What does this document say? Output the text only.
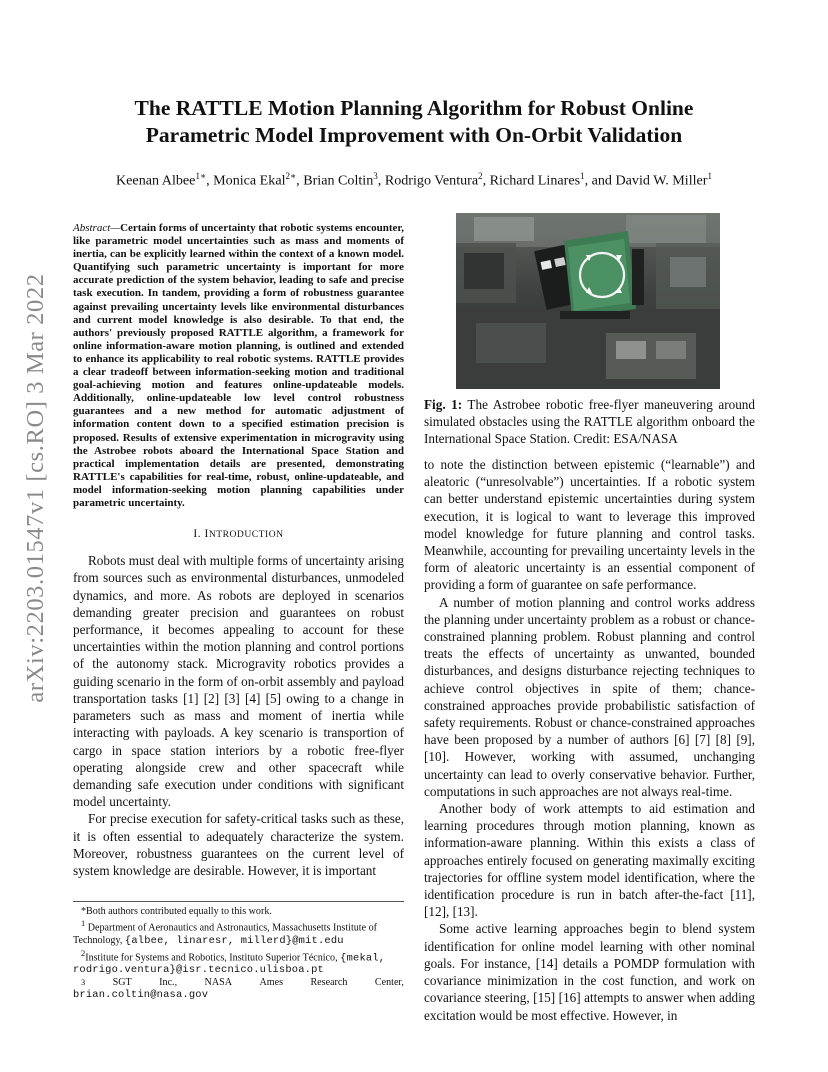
arXiv:2203.01547v1 [cs.RO] 3 Mar 2022
The RATTLE Motion Planning Algorithm for Robust Online
Parametric Model Improvement with On-Orbit Validation
Keenan Albee$^{1∗}$, Monica Ekal$^{2∗}$, Brian Coltin$^3$, Rodrigo Ventura$^2$, Richard Linares$^1$, and David W. Miller$^1$

Abstract—Certain forms of uncertainty that robotic systems encounter, like parametric model uncertainties such as mass and moments of inertia, can be explicitly learned within the context of a known model. Quantifying such parametric uncertainty is important for more accurate prediction of the system behavior, leading to safe and precise task execution. In tandem, providing a form of robustness guarantee against prevailing uncertainty levels like environmental disturbances and current model knowledge is also desirable. To that end, the authors' previously proposed RATTLE algorithm, a framework for online information-aware motion planning, is outlined and extended to enhance its applicability to real robotic systems. RATTLE provides a clear tradeoff between information-seeking motion and traditional goal-achieving motion and features online-updateable models. Additionally, online-updateable low level control robustness guarantees and a new method for automatic adjustment of information content down to a specified estimation precision is proposed. Results of extensive experimentation in microgravity using the Astrobee robots aboard the International Space Station and practical implementation details are presented, demonstrating RATTLE's capabilities for real-time, robust, online-updateable, and model information-seeking motion planning capabilities under parametric uncertainty.

I. INTRODUCTION

Robots must deal with multiple forms of uncertainty arising from sources such as environmental disturbances, unmodeled dynamics, and more. As robots are deployed in scenarios demanding greater precision and guarantees on robust performance, it becomes appealing to account for these uncertainties within the motion planning and control portions of the autonomy stack. Microgravity robotics provides a guiding scenario in the form of on-orbit assembly and payload transportation tasks [1] [2] [3] [4] [5] owing to a change in parameters such as mass and moment of inertia while interacting with payloads. A key scenario is transportion of cargo in space station interiors by a robotic free-flyer operating alongside crew and other spacecraft while demanding safe execution under conditions with significant model uncertainty.

For precise execution for safety-critical tasks such as these, it is often essential to adequately characterize the system. Moreover, robustness guarantees on the current level of system knowledge are desirable. However, it is important

*Both authors contributed equally to this work.
$^1$ Department of Aeronautics and Astronautics, Massachusetts Institute of Technology, {albee, linaresr, millerd}@mit.edu
$^2$Institute for Systems and Robotics, Instituto Superior Técnico, {mekal, rodrigo.ventura}@isr.tecnico.ulisboa.pt
3	SGT	Inc.,	NASA	Ames	Research	Center,
brian.coltin@nasa.gov
Fig. 1: The Astrobee robotic free-flyer maneuvering around simulated obstacles using the RATTLE algorithm onboard the International Space Station. Credit: ESA/NASA

to note the distinction between epistemic (“learnable”) and aleatoric (“unresolvable”) uncertainties. If a robotic system can better understand epistemic uncertainties during system execution, it is logical to want to leverage this improved model knowledge for future planning and control tasks. Meanwhile, accounting for prevailing uncertainty levels in the form of aleatoric uncertainty is an essential component of providing a form of guarantee on safe performance.

A number of motion planning and control works address the planning under uncertainty problem as a robust or chance-constrained planning problem. Robust planning and control treats the effects of uncertainty as unwanted, bounded disturbances, and designs disturbance rejecting techniques to achieve control objectives in spite of them; chance-constrained approaches provide probabilistic satisfaction of safety requirements. Robust or chance-constrained approaches have been proposed by a number of authors [6] [7] [8] [9], [10]. However, working with assumed, unchanging uncertainty can lead to overly conservative behavior. Further, computations in such approaches are not always real-time.

Another body of work attempts to aid estimation and learning procedures through motion planning, known as information-aware planning. Within this exists a class of approaches entirely focused on generating maximally exciting trajectories for offline system model identification, where the identification procedure is run in batch after-the-fact [11], [12], [13].

Some active learning approaches begin to blend system identification for online model learning with other nominal goals. For instance, [14] details a POMDP formulation with covariance minimization in the cost function, and work on covariance steering, [15] [16] attempts to answer when adding excitation would be most effective. However, in
